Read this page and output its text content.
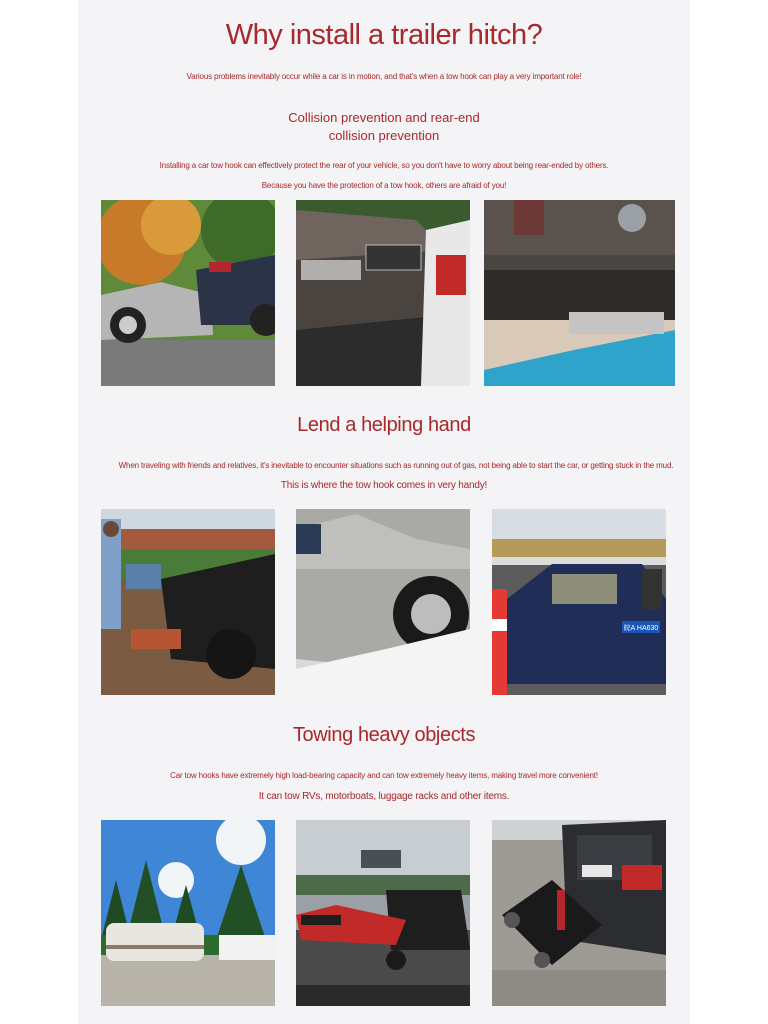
Why install a trailer hitch?
Various problems inevitably occur while a car is in motion, and that's when a tow hook can play a very important role!
Collision prevention and rear-end
collision prevention
Installing a car tow hook can effectively protect the rear of your vehicle, so you don't have to worry about being rear-ended by others.
Because you have the protection of a tow hook, others are afraid of you!
Lend a helping hand
When traveling with friends and relatives, it's inevitable to encounter situations such as running out of gas, not being able to start the car, or getting stuck in the mud.
This is where the tow hook comes in very handy!
皖A HA630
Towing heavy objects
Car tow hooks have extremely high load-bearing capacity and can tow extremely heavy items, making travel more convenient!
It can tow RVs, motorboats, luggage racks and other items.
